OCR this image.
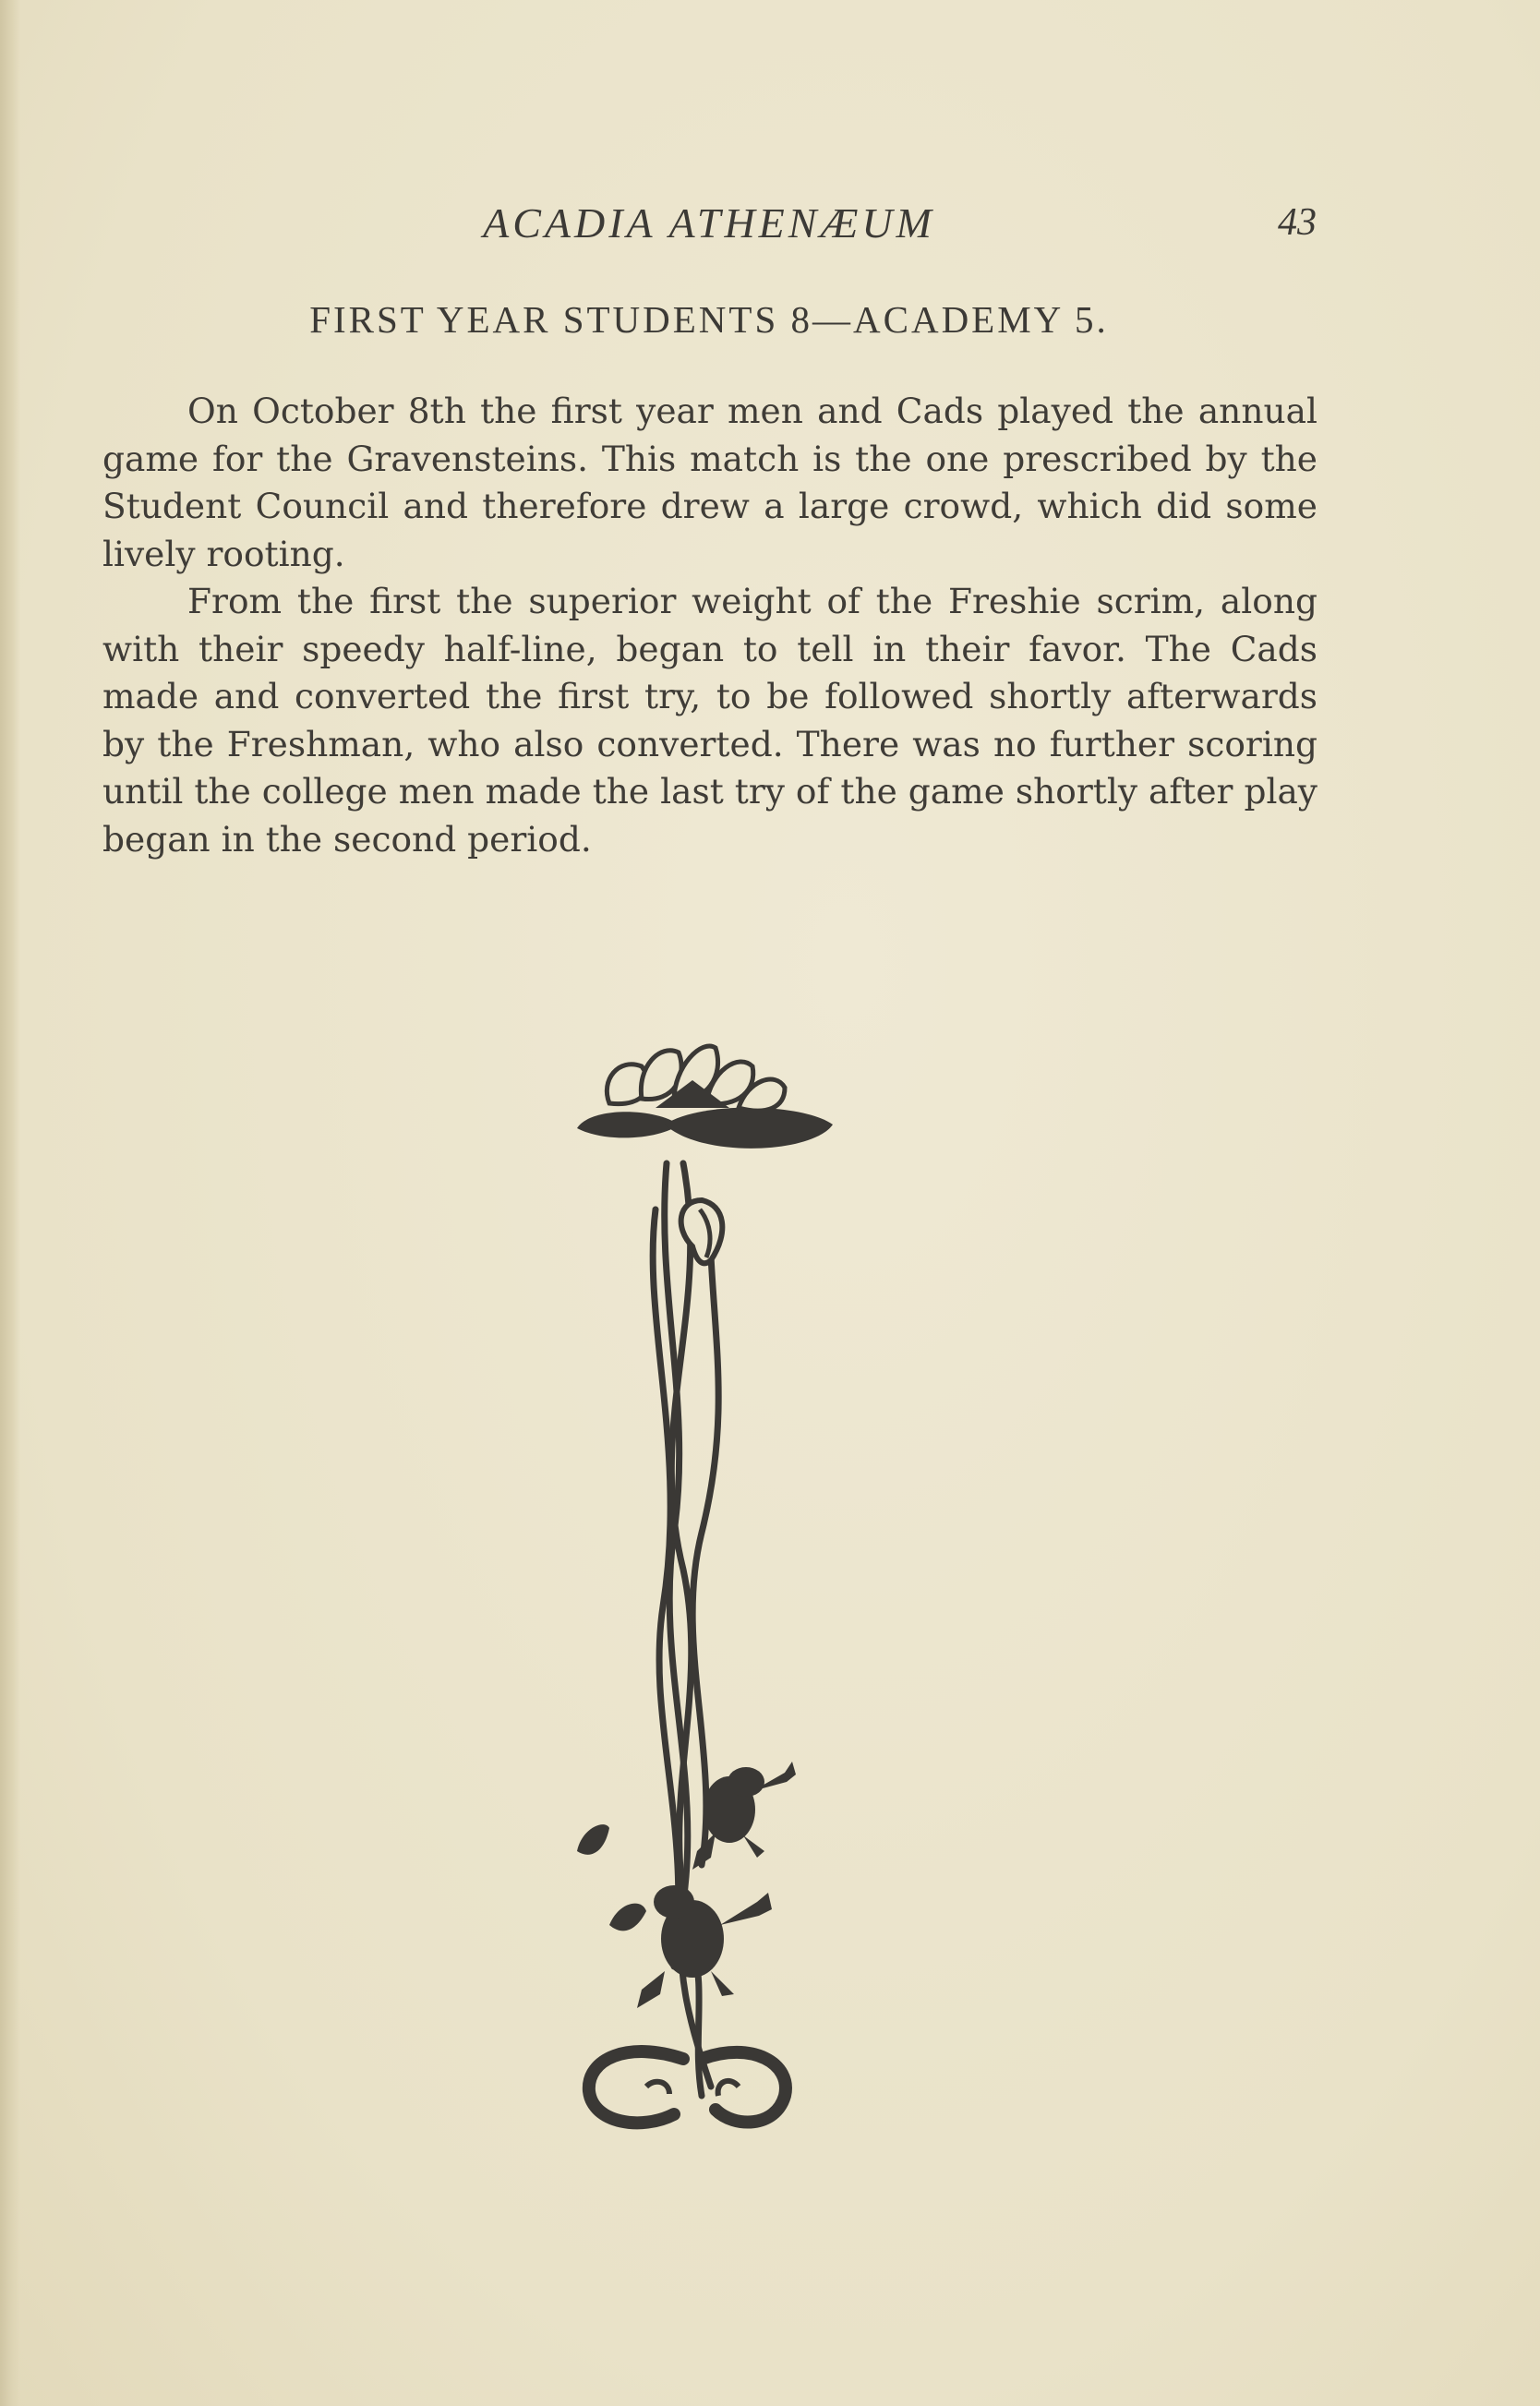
ACADIA ATHENÆUM	43
FIRST YEAR STUDENTS 8—ACADEMY 5.

On October 8th the first year men and Cads played the annual game for the Gravensteins. This match is the one prescribed by the Student Council and therefore drew a large crowd, which did some lively rooting.

From the first the superior weight of the Freshie scrim, along with their speedy half-line, began to tell in their favor. The Cads made and converted the first try, to be followed shortly afterwards by the Freshman, who also converted. There was no further scoring until the college men made the last try of the game shortly after play began in the second period.
